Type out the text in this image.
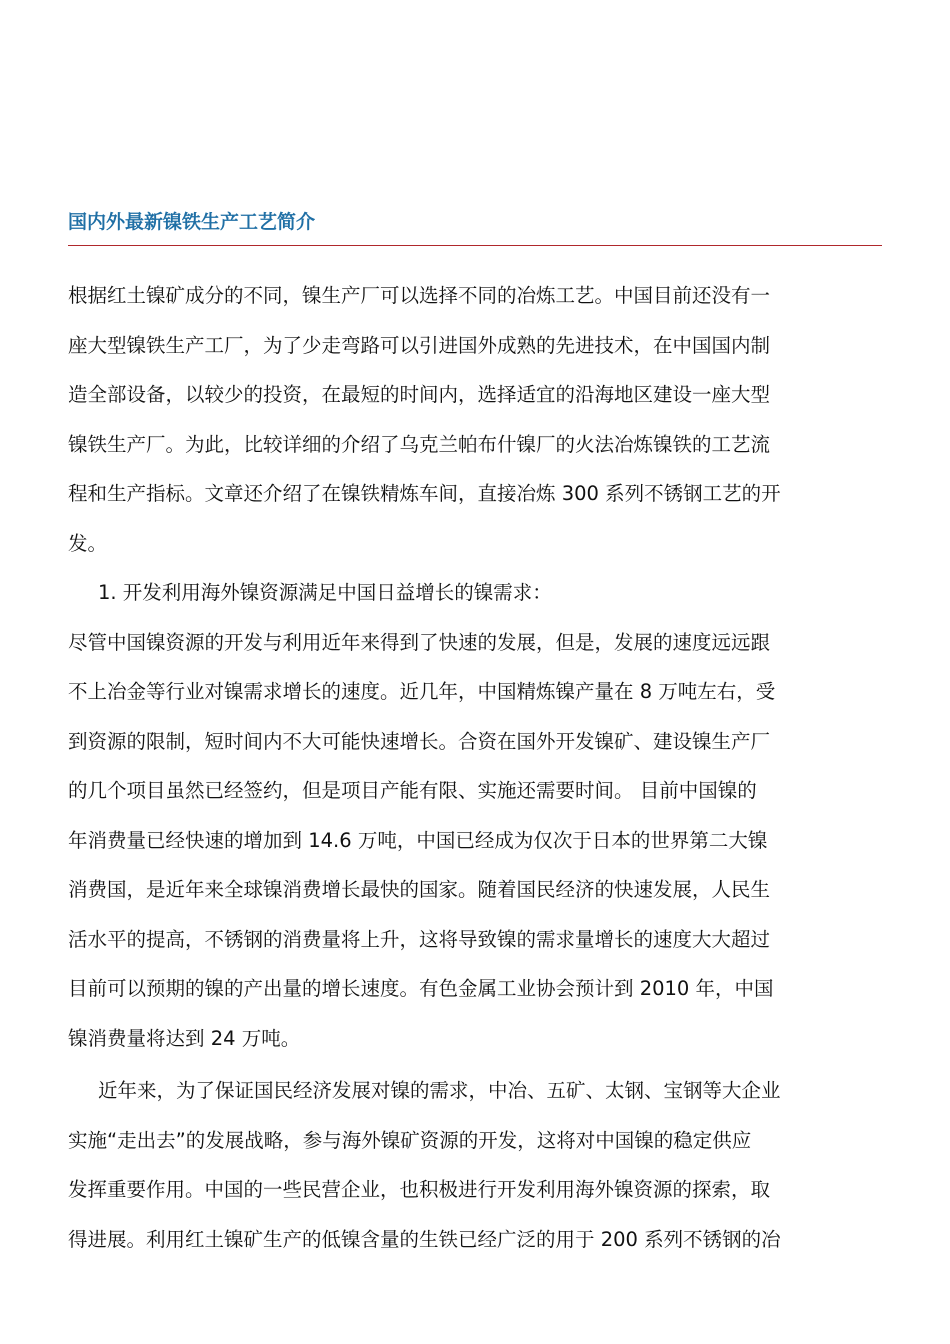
国内外最新镍铁生产工艺简介
根据红土镍矿成分的不同，镍生产厂可以选择不同的冶炼工艺。中国目前还没有一
座大型镍铁生产工厂，为了少走弯路可以引进国外成熟的先进技术，在中国国内制
造全部设备，以较少的投资，在最短的时间内，选择适宜的沿海地区建设一座大型
镍铁生产厂。为此，比较详细的介绍了乌克兰帕布什镍厂的火法冶炼镍铁的工艺流
程和生产指标。文章还介绍了在镍铁精炼车间，直接冶炼 300 系列不锈钢工艺的开
发。
1. 开发利用海外镍资源满足中国日益增长的镍需求：
尽管中国镍资源的开发与利用近年来得到了快速的发展，但是，发展的速度远远跟
不上冶金等行业对镍需求增长的速度。近几年，中国精炼镍产量在 8 万吨左右，受
到资源的限制，短时间内不大可能快速增长。合资在国外开发镍矿、建设镍生产厂
的几个项目虽然已经签约，但是项目产能有限、实施还需要时间。 目前中国镍的
年消费量已经快速的增加到 14.6 万吨，中国已经成为仅次于日本的世界第二大镍
消费国，是近年来全球镍消费增长最快的国家。随着国民经济的快速发展，人民生
活水平的提高，不锈钢的消费量将上升，这将导致镍的需求量增长的速度大大超过
目前可以预期的镍的产出量的增长速度。有色金属工业协会预计到 2010 年，中国
镍消费量将达到 24 万吨。
近年来，为了保证国民经济发展对镍的需求，中冶、五矿、太钢、宝钢等大企业
实施“走出去”的发展战略，参与海外镍矿资源的开发，这将对中国镍的稳定供应
发挥重要作用。中国的一些民营企业，也积极进行开发利用海外镍资源的探索，取
得进展。利用红土镍矿生产的低镍含量的生铁已经广泛的用于 200 系列不锈钢的冶
